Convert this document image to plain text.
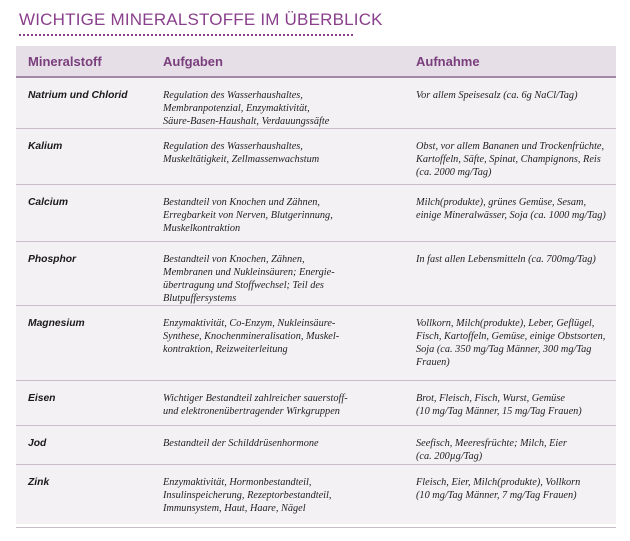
WICHTIGE MINERALSTOFFE IM ÜBERBLICK
Mineralstoff	Aufgaben	Aufnahme
Natrium und Chlorid	Regulation des Wasserhaushaltes,
Membranpotenzial, Enzymaktivität,
Säure-Basen-Haushalt, Verdauungssäfte	Vor allem Speisesalz (ca. 6g NaCl/Tag)

Kalium	Regulation des Wasserhaushaltes,
Muskeltätigkeit, Zellmassenwachstum	Obst, vor allem Bananen und Trockenfrüchte,
Kartoffeln, Säfte, Spinat, Champignons, Reis
(ca. 2000 mg/Tag)

Calcium	Bestandteil von Knochen und Zähnen,
Erregbarkeit von Nerven, Blutgerinnung,
Muskelkontraktion	Milch(produkte), grünes Gemüse, Sesam,
einige Mineralwässer, Soja (ca. 1000 mg/Tag)

Phosphor	Bestandteil von Knochen, Zähnen,
Membranen und Nukleinsäuren; Energie-
übertragung und Stoffwechsel; Teil des
Blutpuffersystems	In fast allen Lebensmitteln (ca. 700mg/Tag)

Magnesium	Enzymaktivität, Co-Enzym, Nukleinsäure-
Synthese, Knochenmineralisation, Muskel-
kontraktion, Reizweiterleitung	Vollkorn, Milch(produkte), Leber, Geflügel,
Fisch, Kartoffeln, Gemüse, einige Obstsorten,
Soja (ca. 350 mg/Tag Männer, 300 mg/Tag
Frauen)

Eisen	Wichtiger Bestandteil zahlreicher sauerstoff-
und elektronenübertragender Wirkgruppen	Brot, Fleisch, Fisch, Wurst, Gemüse
(10 mg/Tag Männer, 15 mg/Tag Frauen)

Jod	Bestandteil der Schilddrüsenhormone	Seefisch, Meeresfrüchte; Milch, Eier
(ca. 200µg/Tag)

Zink	Enzymaktivität, Hormonbestandteil,
Insulinspeicherung, Rezeptorbestandteil,
Immunsystem, Haut, Haare, Nägel	Fleisch, Eier, Milch(produkte), Vollkorn
(10 mg/Tag Männer, 7 mg/Tag Frauen)
